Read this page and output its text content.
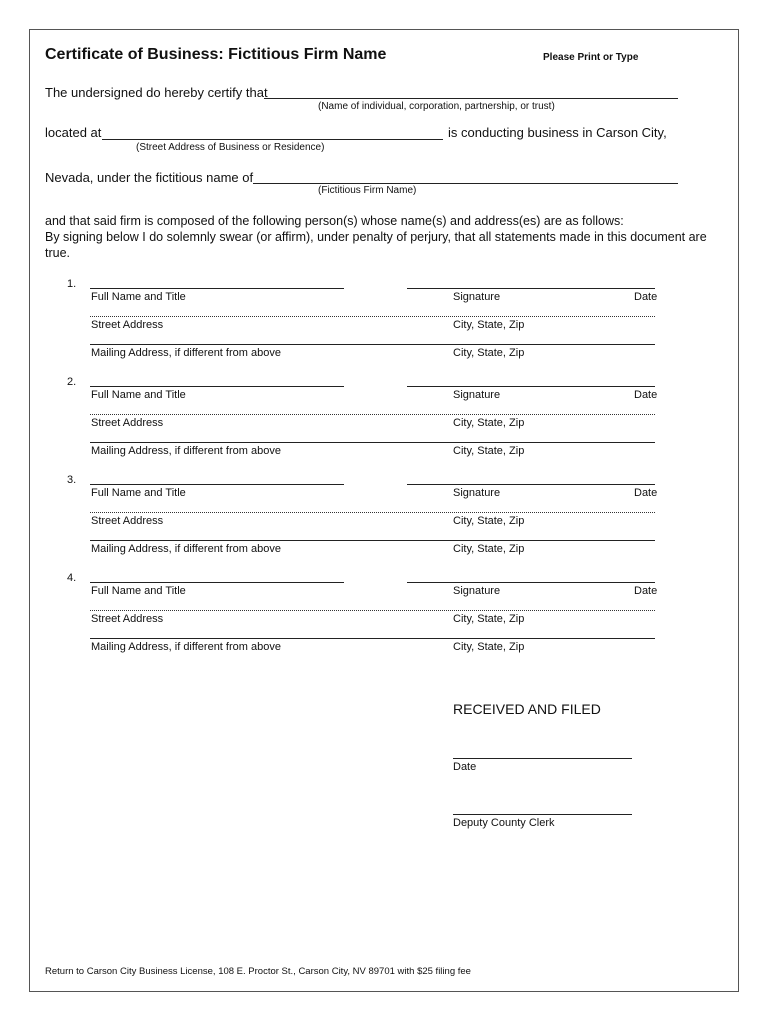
Certificate of Business: Fictitious Firm Name	Please Print or Type
The undersigned do hereby certify that
(Name of individual, corporation, partnership, or trust)
located at	is conducting business in Carson City,
(Street Address of Business or Residence)
Nevada, under the fictitious name of
(Fictitious Firm Name)
and that said firm is composed of the following person(s) whose name(s) and address(es) are as follows:
By signing below I do solemnly swear (or affirm), under penalty of perjury, that all statements made in this document are true.
1.
Full Name and Title	Signature	Date
Street Address	City, State, Zip
Mailing Address, if different from above	City, State, Zip
2.
Full Name and Title	Signature	Date
Street Address	City, State, Zip
Mailing Address, if different from above	City, State, Zip
3.
Full Name and Title	Signature	Date
Street Address	City, State, Zip
Mailing Address, if different from above	City, State, Zip
4.
Full Name and Title	Signature	Date
Street Address	City, State, Zip
Mailing Address, if different from above	City, State, Zip
RECEIVED AND FILED
Date
Deputy County Clerk
Return to Carson City Business License, 108 E. Proctor St., Carson City, NV 89701 with $25 filing fee
